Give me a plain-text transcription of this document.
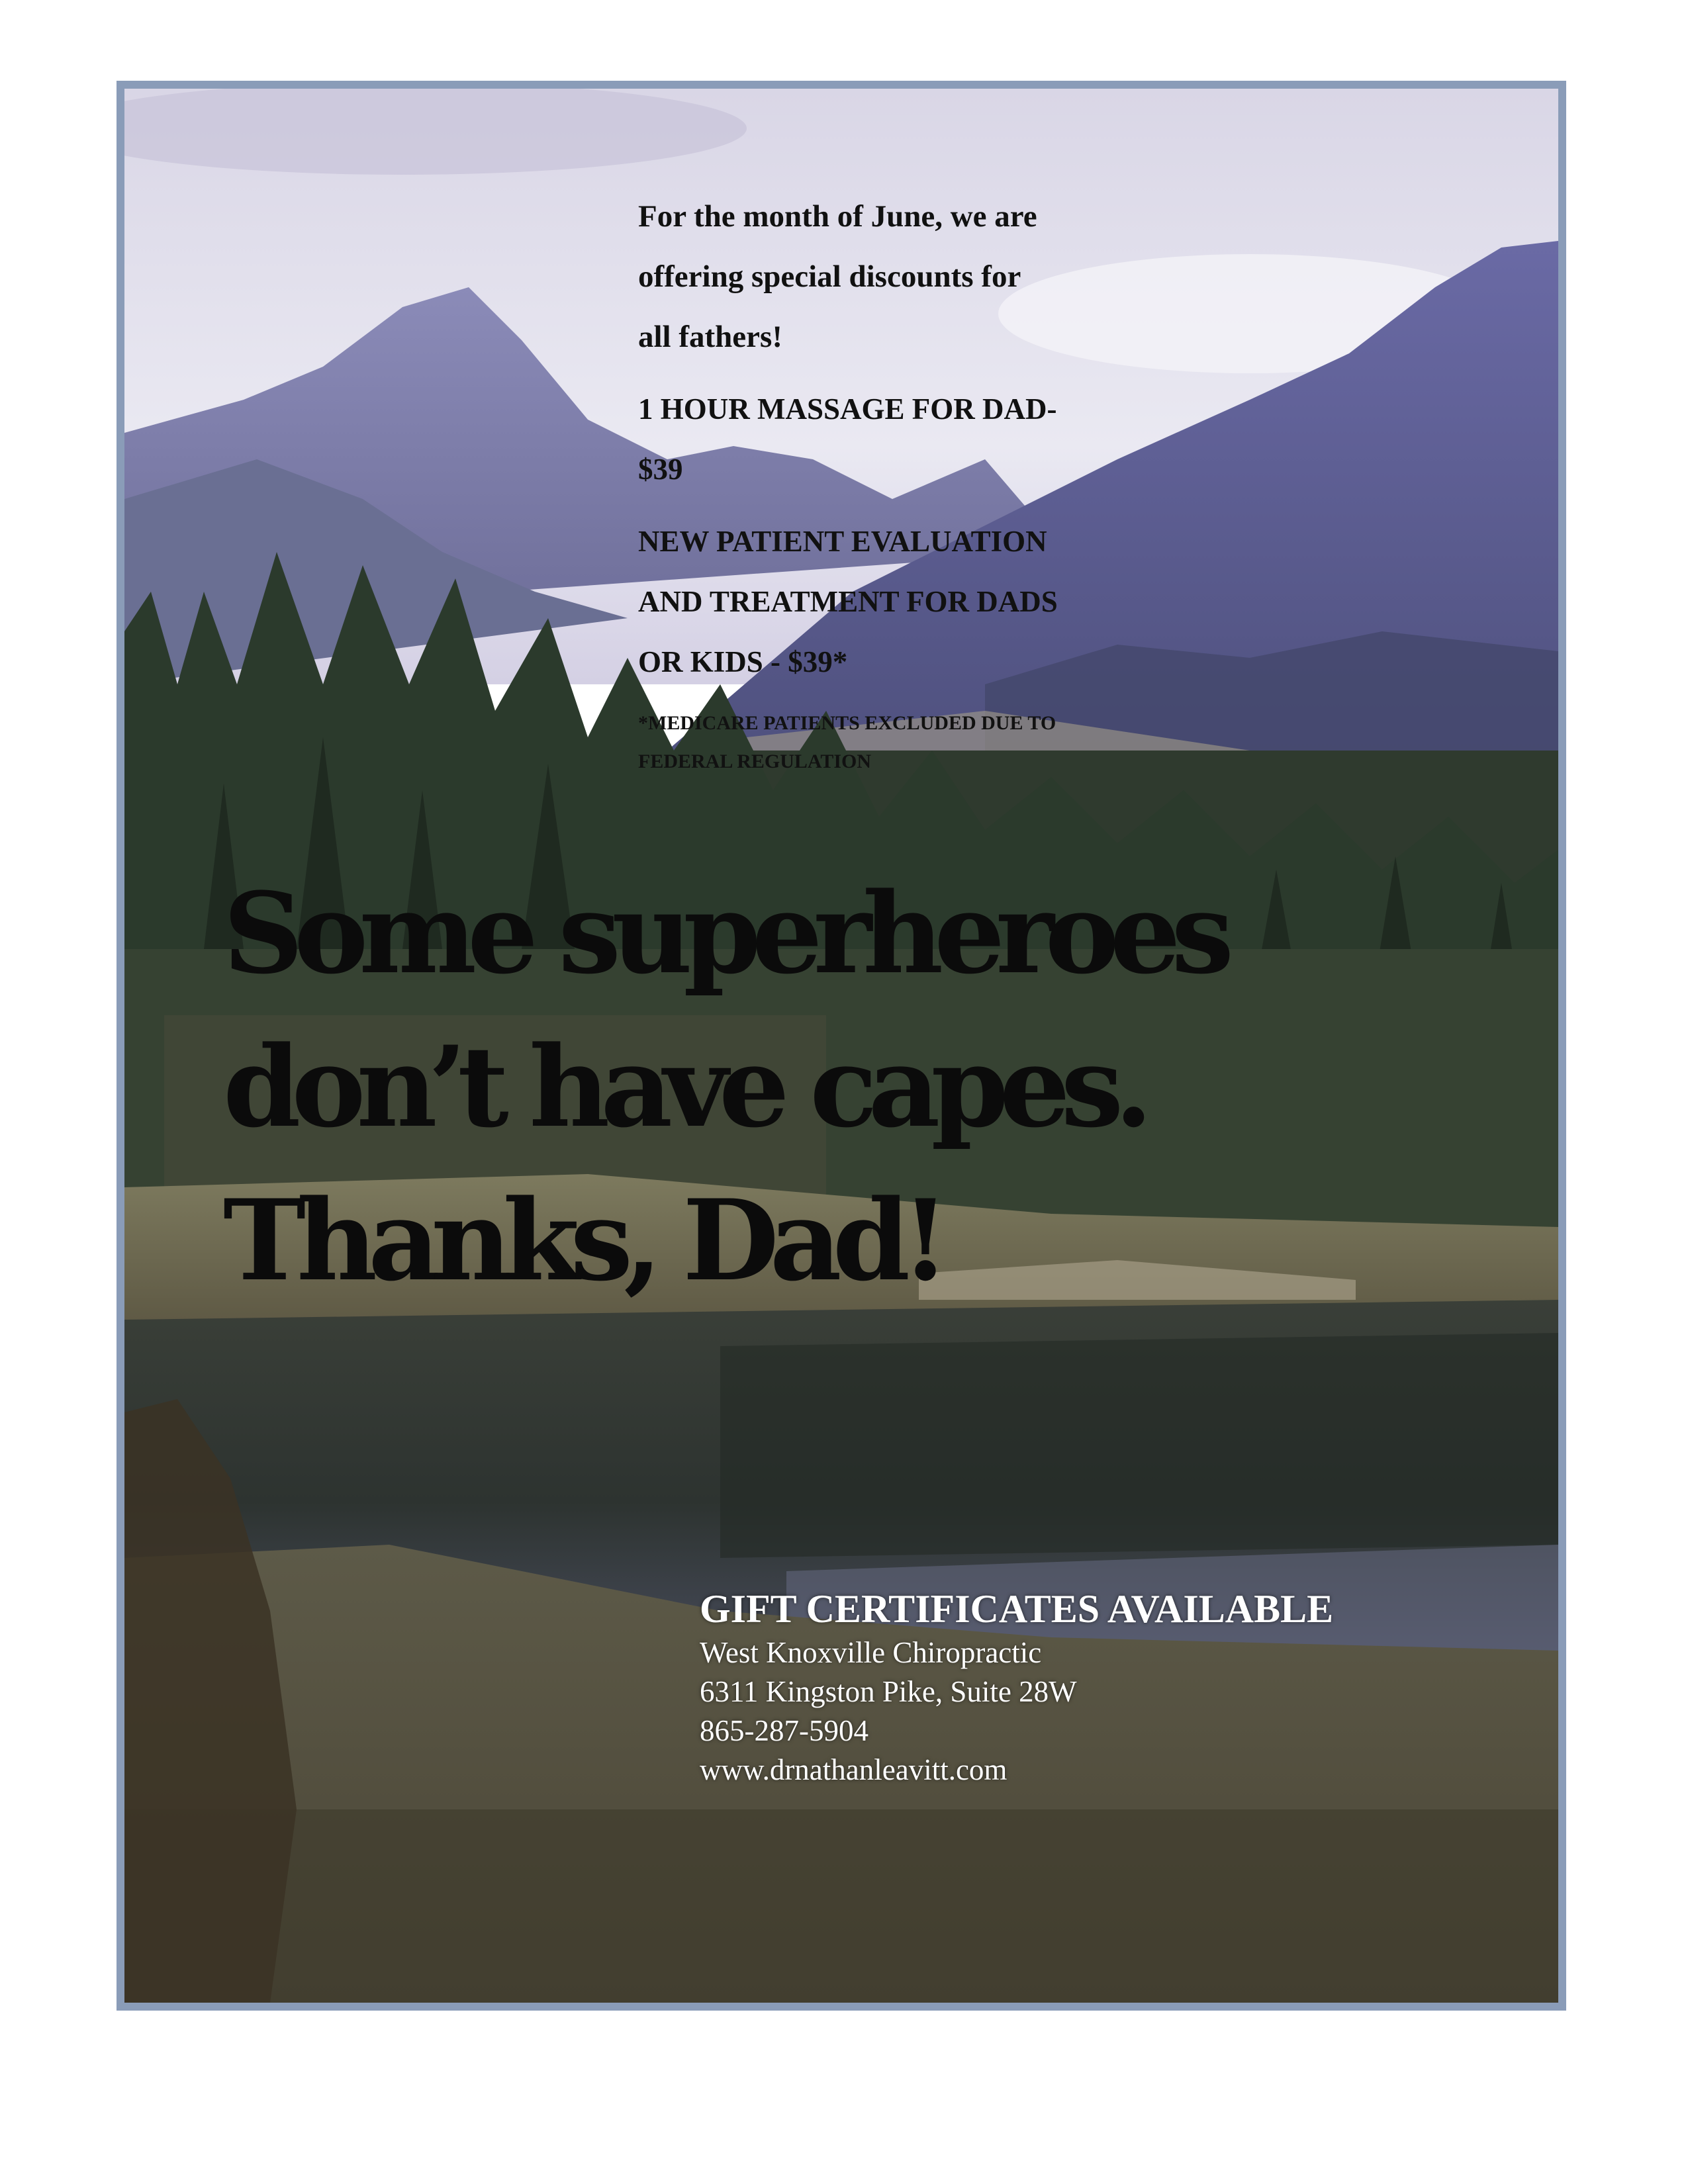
For the month of June, we are
offering special discounts for
all fathers!

1 HOUR MASSAGE FOR DAD-
$39

NEW PATIENT EVALUATION
AND TREATMENT FOR DADS
OR KIDS - $39*

*MEDICARE PATIENTS EXCLUDED DUE TO
FEDERAL REGULATION

Some superheroes
don’t have capes.
Thanks, Dad!
GIFT CERTIFICATES AVAILABLE
West Knoxville Chiropractic
6311 Kingston Pike, Suite 28W
865-287-5904
www.drnathanleavitt.com
